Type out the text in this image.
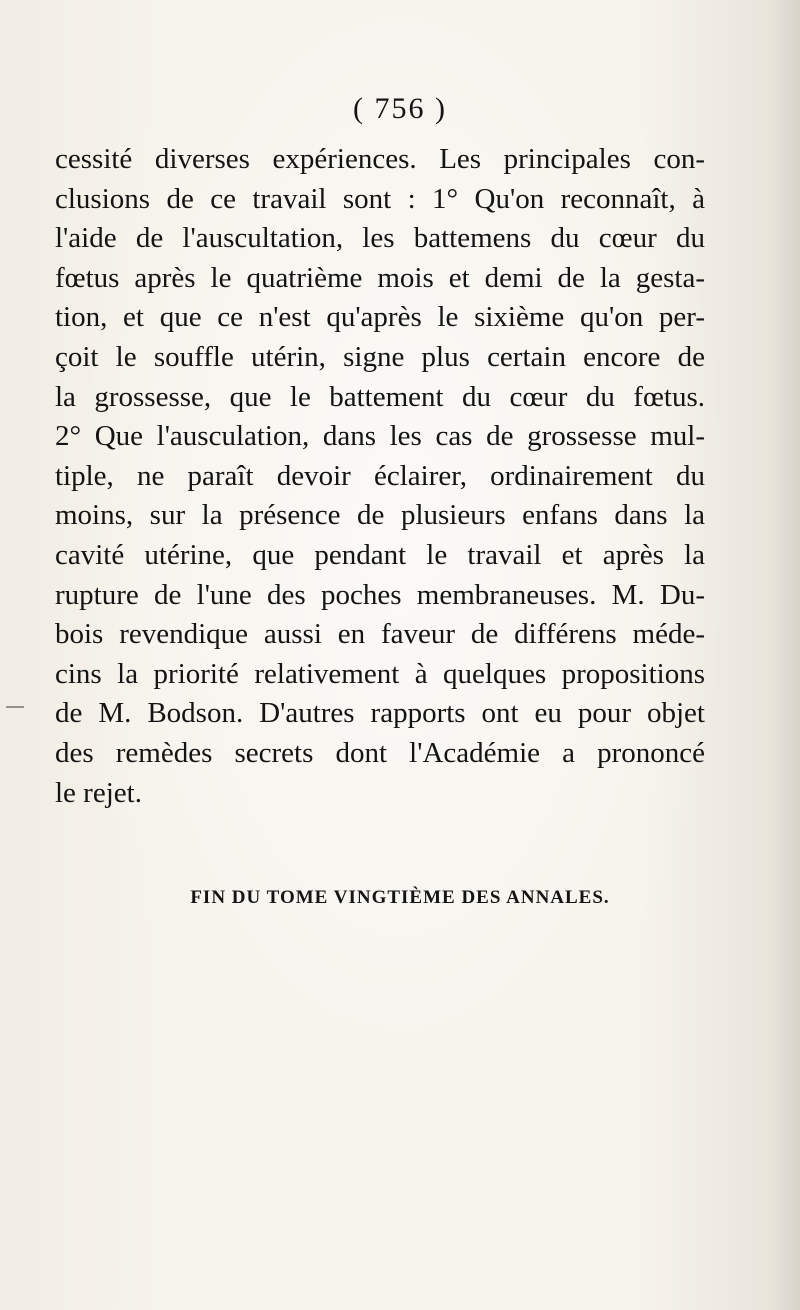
( 756 )
cessité diverses expériences. Les principales con-
clusions de ce travail sont : 1° Qu'on reconnaît, à
l'aide de l'auscultation, les battemens du cœur du
fœtus après le quatrième mois et demi de la gesta-
tion, et que ce n'est qu'après le sixième qu'on per-
çoit le souffle utérin, signe plus certain encore de
la grossesse, que le battement du cœur du fœtus.
2° Que l'ausculation, dans les cas de grossesse mul-
tiple, ne paraît devoir éclairer, ordinairement du
moins, sur la présence de plusieurs enfans dans la
cavité utérine, que pendant le travail et après la
rupture de l'une des poches membraneuses. M. Du-
bois revendique aussi en faveur de différens méde-
cins la priorité relativement à quelques propositions
de M. Bodson. D'autres rapports ont eu pour objet
des remèdes secrets dont l'Académie a prononcé
le rejet.
FIN DU TOME VINGTIÈME DES ANNALES.
